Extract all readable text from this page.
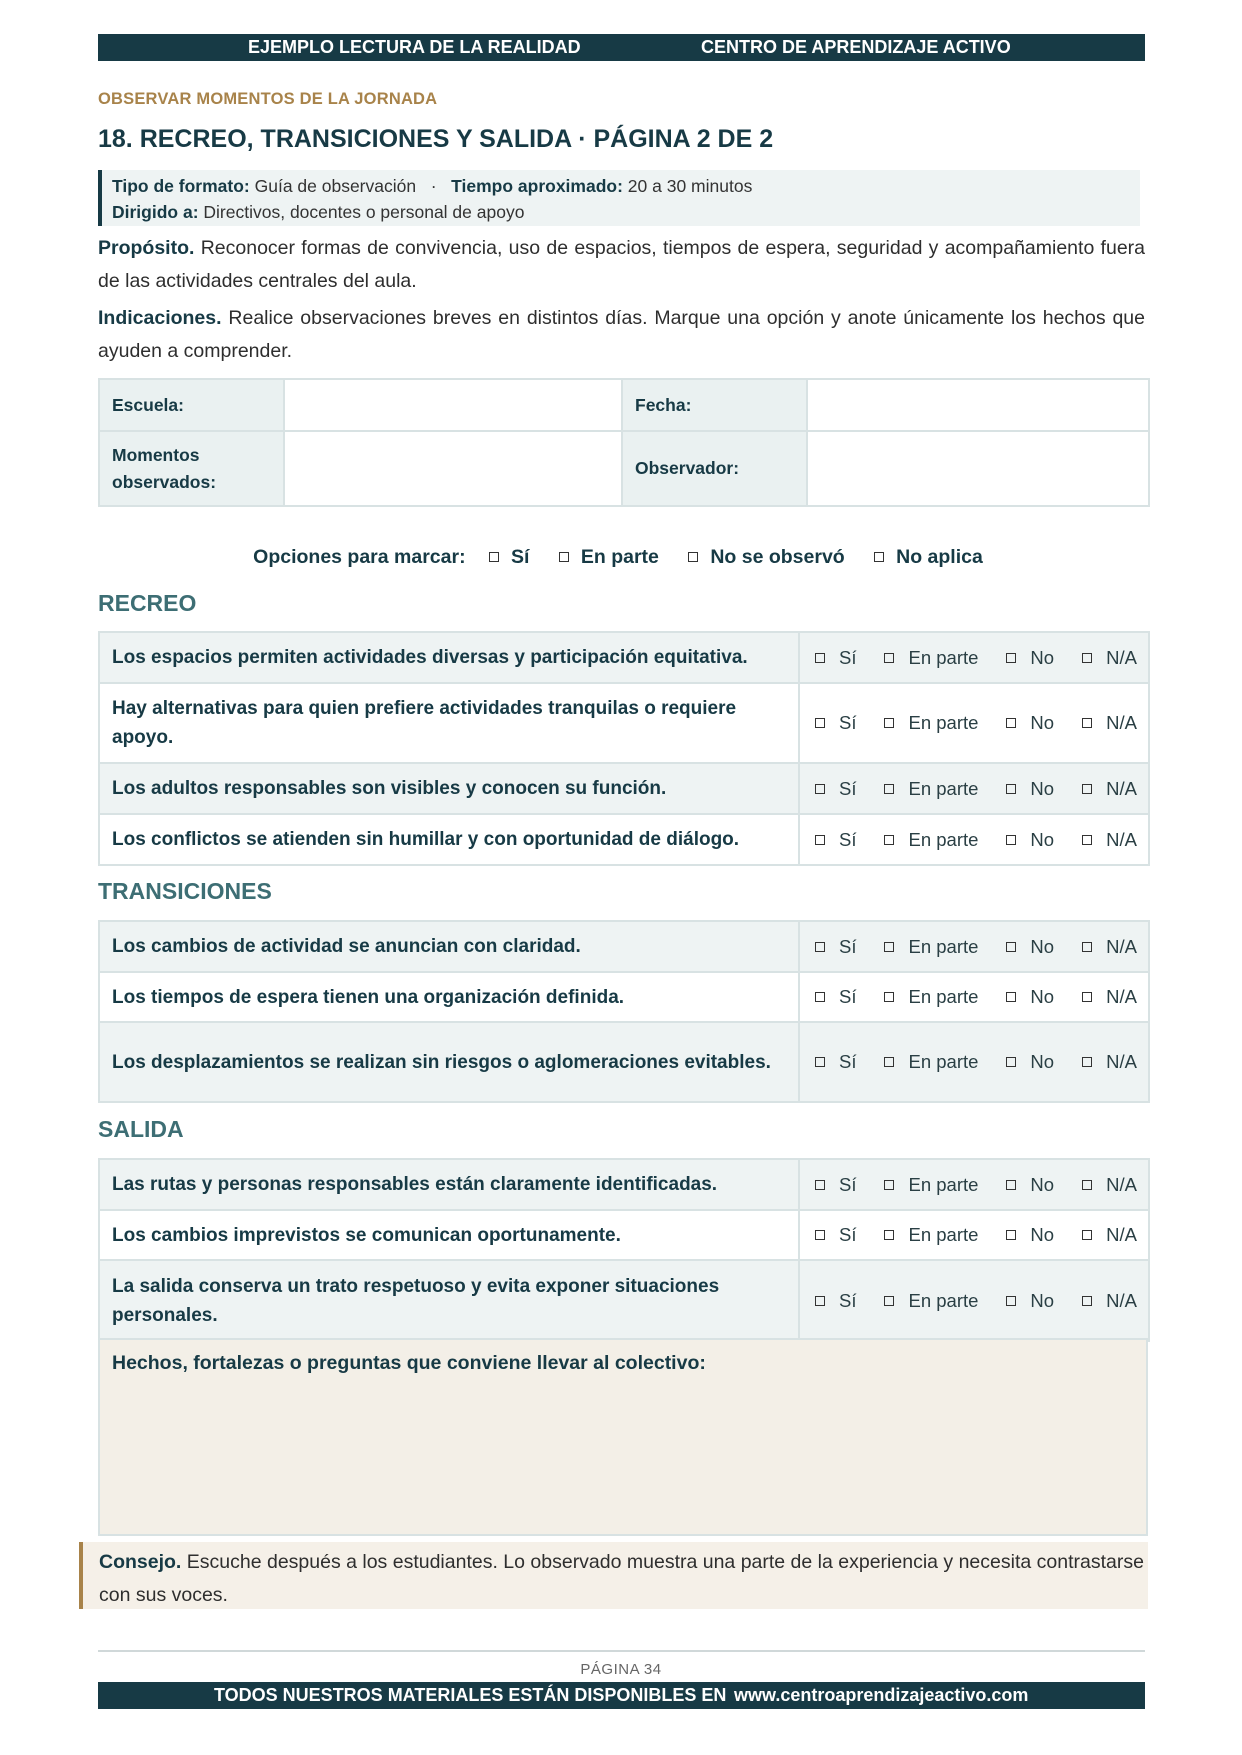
EJEMPLO LECTURA DE LA REALIDAD	CENTRO DE APRENDIZAJE ACTIVO
OBSERVAR MOMENTOS DE LA JORNADA
18. RECREO, TRANSICIONES Y SALIDA · PÁGINA 2 DE 2
Tipo de formato: Guía de observación · Tiempo aproximado: 20 a 30 minutos
Dirigido a: Directivos, docentes o personal de apoyo
Propósito. Reconocer formas de convivencia, uso de espacios, tiempos de espera, seguridad y acompañamiento fuera de las actividades centrales del aula.
Indicaciones. Realice observaciones breves en distintos días. Marque una opción y anote únicamente los hechos que ayuden a comprender.
Escuela:		Fecha:	
Momentos observados:		Observador:	
Opciones para marcar: Sí	En parte	No se observó	No aplica
RECREO
Los espacios permiten actividades diversas y participación equitativa.	Sí En parte No N/A
Hay alternativas para quien prefiere actividades tranquilas o requiere apoyo.	Sí En parte No N/A
Los adultos responsables son visibles y conocen su función.	Sí En parte No N/A
Los conflictos se atienden sin humillar y con oportunidad de diálogo.	Sí En parte No N/A
TRANSICIONES
Los cambios de actividad se anuncian con claridad.	Sí En parte No N/A
Los tiempos de espera tienen una organización definida.	Sí En parte No N/A
Los desplazamientos se realizan sin riesgos o aglomeraciones evitables.	Sí En parte No N/A
SALIDA
Las rutas y personas responsables están claramente identificadas.	Sí En parte No N/A
Los cambios imprevistos se comunican oportunamente.	Sí En parte No N/A
La salida conserva un trato respetuoso y evita exponer situaciones personales.	Sí En parte No N/A
Hechos, fortalezas o preguntas que conviene llevar al colectivo:
Consejo. Escuche después a los estudiantes. Lo observado muestra una parte de la experiencia y necesita contrastarse con sus voces.
PÁGINA 34
TODOS NUESTROS MATERIALES ESTÁN DISPONIBLES EN www.centroaprendizajeactivo.com
